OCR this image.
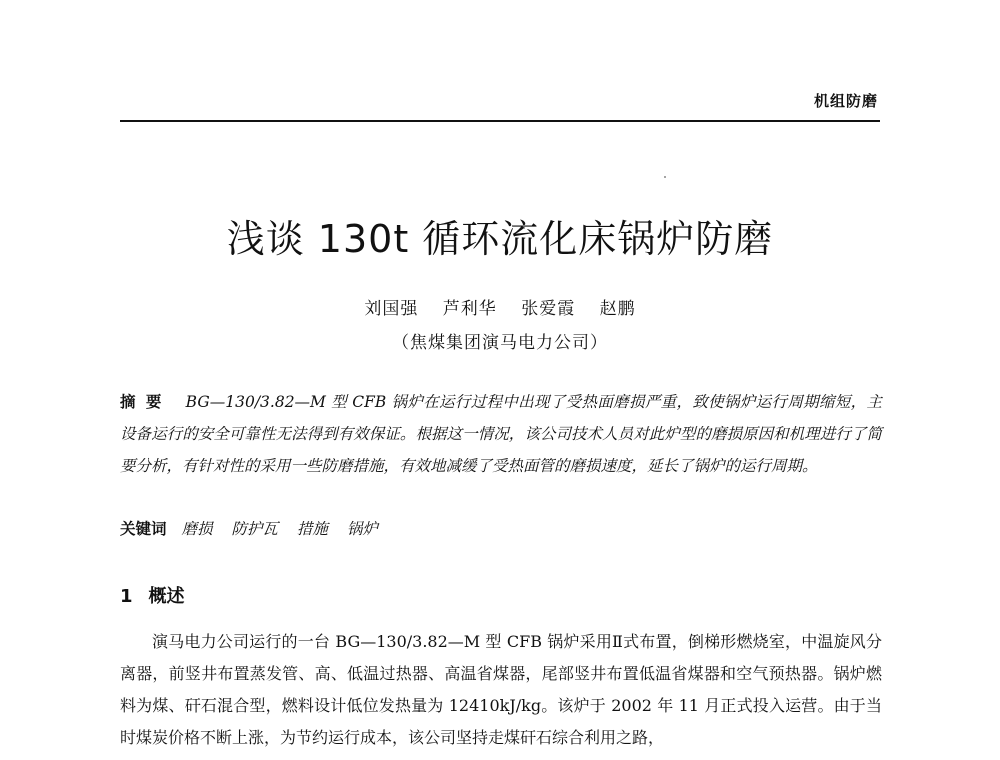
机组防磨
浅谈 130t 循环流化床锅炉防磨
刘国强 芦利华 张爱霞 赵鹏
（焦煤集团演马电力公司）
摘要 BG—130/3.82—M 型 CFB 锅炉在运行过程中出现了受热面磨损严重，致使锅炉运行周期缩短，主设备运行的安全可靠性无法得到有效保证。根据这一情况，该公司技术人员对此炉型的磨损原因和机理进行了简要分析，有针对性的采用一些防磨措施，有效地减缓了受热面管的磨损速度，延长了锅炉的运行周期。
关键词 磨损 防护瓦 措施 锅炉
1 概述

演马电力公司运行的一台 BG—130/3.82—M 型 CFB 锅炉采用Ⅱ式布置，倒梯形燃烧室，中温旋风分离器，前竖井布置蒸发管、高、低温过热器、高温省煤器，尾部竖井布置低温省煤器和空气预热器。锅炉燃料为煤、矸石混合型，燃料设计低位发热量为 12410kJ/kg。该炉于 2002 年 11 月正式投入运营。由于当时煤炭价格不断上涨，为节约运行成本，该公司坚持走煤矸石综合利用之路，
